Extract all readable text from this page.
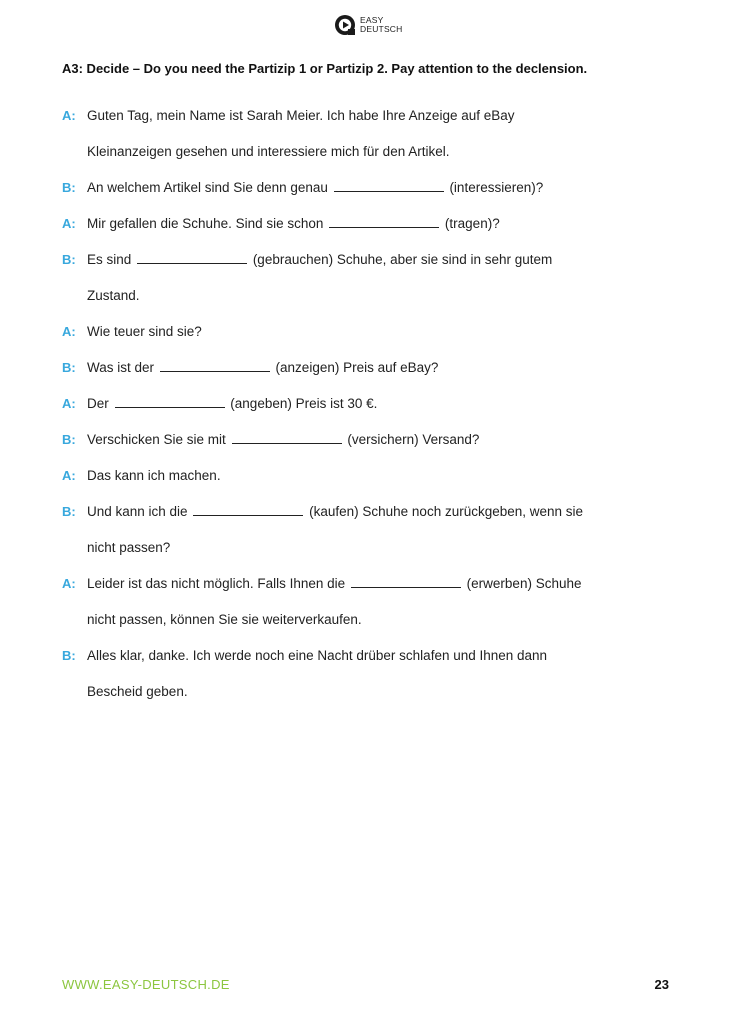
EASY
DEUTSCH
A3: Decide – Do you need the Partizip 1 or Partizip 2. Pay attention to the declension.
A: Guten Tag, mein Name ist Sarah Meier. Ich habe Ihre Anzeige auf eBay
Kleinanzeigen gesehen und interessiere mich für den Artikel.
B: An welchem Artikel sind Sie denn genau	(interessieren)?
A: Mir gefallen die Schuhe. Sind sie schon	(tragen)?
B: Es sind	(gebrauchen) Schuhe, aber sie sind in sehr gutem
Zustand.
A: Wie teuer sind sie?
B: Was ist der	(anzeigen) Preis auf eBay?
A: Der	(angeben) Preis ist 30 €.
B: Verschicken Sie sie mit	(versichern) Versand?
A: Das kann ich machen.
B: Und kann ich die	(kaufen) Schuhe noch zurückgeben, wenn sie
nicht passen?
A: Leider ist das nicht möglich. Falls Ihnen die	(erwerben) Schuhe
nicht passen, können Sie sie weiterverkaufen.
B: Alles klar, danke. Ich werde noch eine Nacht drüber schlafen und Ihnen dann
Bescheid geben.
WWW.EASY-DEUTSCH.DE	23
